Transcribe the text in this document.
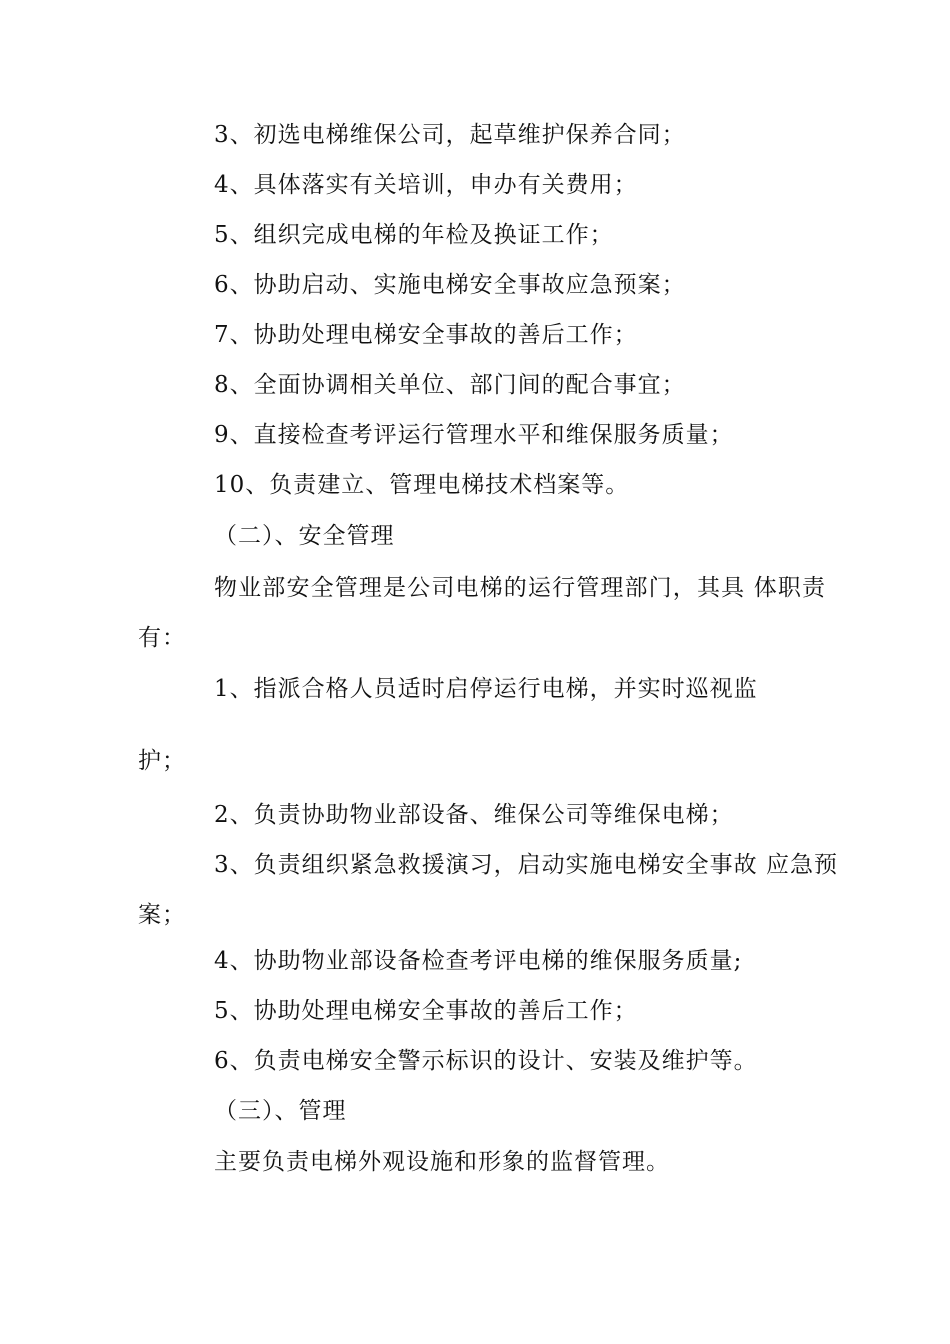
3、初选电梯维保公司，起草维护保养合同；
4、具体落实有关培训，申办有关费用；
5、组织完成电梯的年检及换证工作；
6、协助启动、实施电梯安全事故应急预案；
7、协助处理电梯安全事故的善后工作；
8、全面协调相关单位、部门间的配合事宜；
9、直接检查考评运行管理水平和维保服务质量；
10、负责建立、管理电梯技术档案等。
（二）、安全管理
物业部安全管理是公司电梯的运行管理部门，其具 体职责
有：
1、指派合格人员适时启停运行电梯，并实时巡视监
护；
2、负责协助物业部设备、维保公司等维保电梯；
3、负责组织紧急救援演习，启动实施电梯安全事故 应急预
案；
4、协助物业部设备检查考评电梯的维保服务质量;
5、协助处理电梯安全事故的善后工作；
6、负责电梯安全警示标识的设计、安装及维护等。
（三）、管理
主要负责电梯外观设施和形象的监督管理。
